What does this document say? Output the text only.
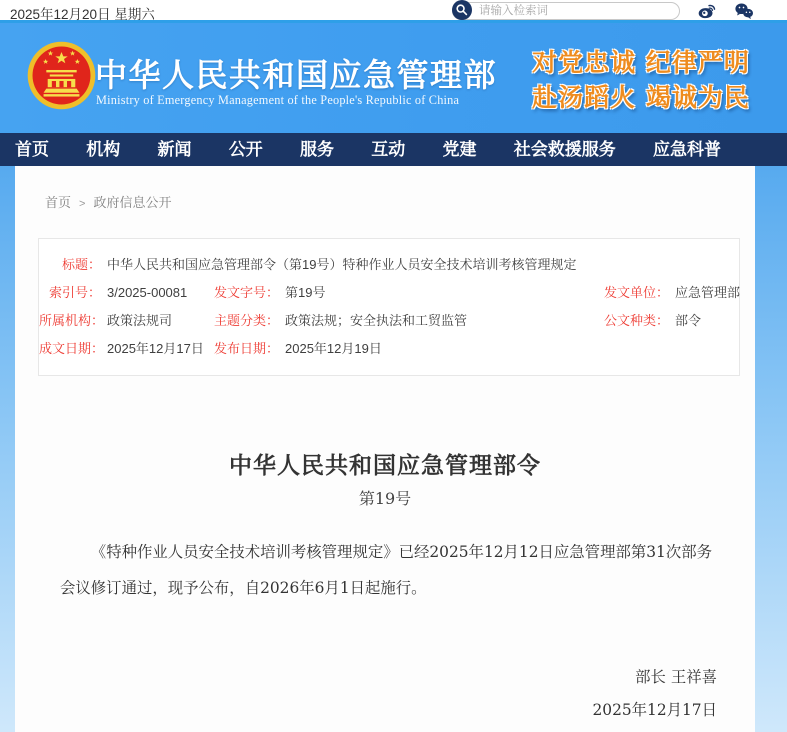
2025年12月20日 星期六
请输入检索词
中华人民共和国应急管理部
Ministry of Emergency Management of the People's Republic of China
对党忠诚 纪律严明
赴汤蹈火 竭诚为民
首页 机构 新闻 公开 服务 互动 党建 社会救援服务 应急科普
首页 > 政府信息公开
标题： 中华人民共和国应急管理部令（第19号）特种作业人员安全技术培训考核管理规定
索引号： 3/2025-00081 发文字号： 第19号	发文单位： 应急管理部
所属机构： 政策法规司	主题分类： 政策法规；安全执法和工贸监管	公文种类： 部令
成文日期： 2025年12月17日 发布日期： 2025年12月19日
中华人民共和国应急管理部令
第19号
《特种作业人员安全技术培训考核管理规定》已经2025年12月12日应急管理部第31次部务会议修订通过，现予公布，自2026年6月1日起施行。
部长 王祥喜
2025年12月17日
